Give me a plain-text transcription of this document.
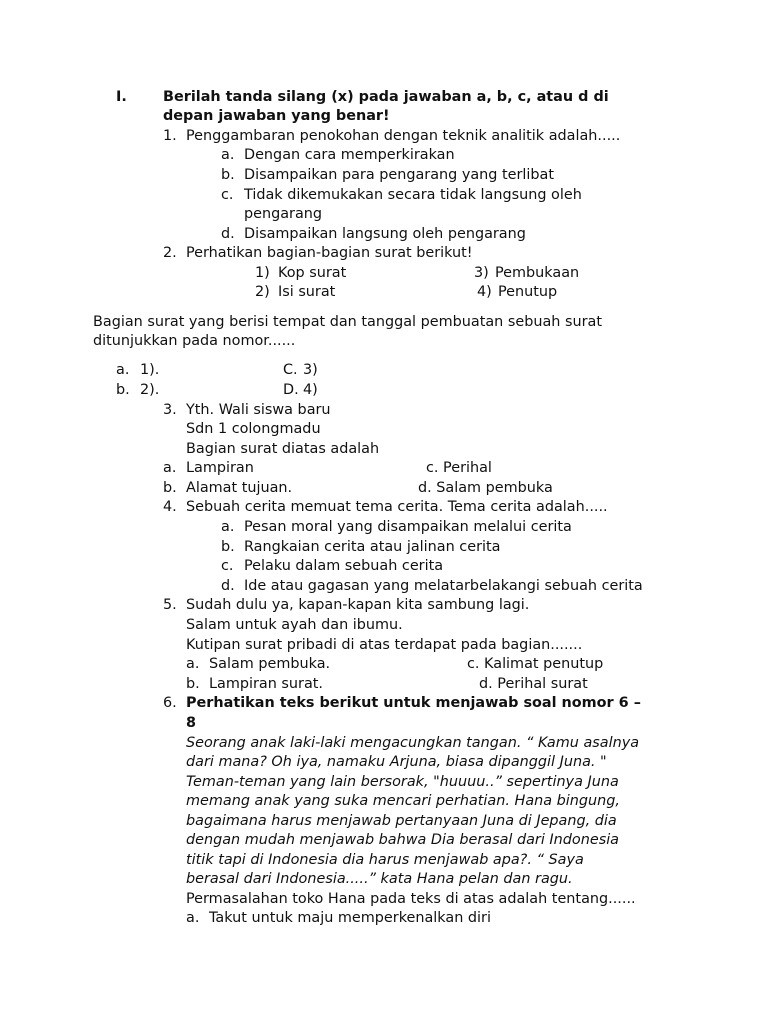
I.	Berilah tanda silang (x) pada jawaban a, b, c, atau d di
depan jawaban yang benar!
1. Penggambaran penokohan dengan teknik analitik adalah.....
a. Dengan cara memperkirakan
b. Disampaikan para pengarang yang terlibat
c. Tidak dikemukakan secara tidak langsung oleh
pengarang
d. Disampaikan langsung oleh pengarang
2. Perhatikan bagian-bagian surat berikut!
1) Kop surat	3) Pembukaan
2) Isi surat	4) Penutup
Bagian surat yang berisi tempat dan tanggal pembuatan sebuah surat
ditunjukkan pada nomor......
a. 1).
b. 2).
C. 3)
D. 4)
3. Yth. Wali siswa baru
Sdn 1 colongmadu
Bagian surat diatas adalah
a. Lampiran
b. Alamat tujuan.
c. Perihal
d. Salam pembuka
4. Sebuah cerita memuat tema cerita. Tema cerita adalah.....
a. Pesan moral yang disampaikan melalui cerita
b. Rangkaian cerita atau jalinan cerita
c. Pelaku dalam sebuah cerita
d. Ide atau gagasan yang melatarbelakangi sebuah cerita
5. Sudah dulu ya, kapan-kapan kita sambung lagi.
Salam untuk ayah dan ibumu.
Kutipan surat pribadi di atas terdapat pada bagian.......
a. Salam pembuka.
b. Lampiran surat.
c. Kalimat penutup
d. Perihal surat
6. Perhatikan teks berikut untuk menjawab soal nomor 6 –
8
Seorang anak laki-laki mengacungkan tangan. “ Kamu asalnya
dari mana? Oh iya, namaku Arjuna, biasa dipanggil Juna. "
Teman-teman yang lain bersorak, "huuuu..” sepertinya Juna
memang anak yang suka mencari perhatian. Hana bingung,
bagaimana harus menjawab pertanyaan Juna di Jepang, dia
dengan mudah menjawab bahwa Dia berasal dari Indonesia
titik tapi di Indonesia dia harus menjawab apa?. “ Saya
berasal dari Indonesia.....” kata Hana pelan dan ragu.
Permasalahan toko Hana pada teks di atas adalah tentang......
a. Takut untuk maju memperkenalkan diri
